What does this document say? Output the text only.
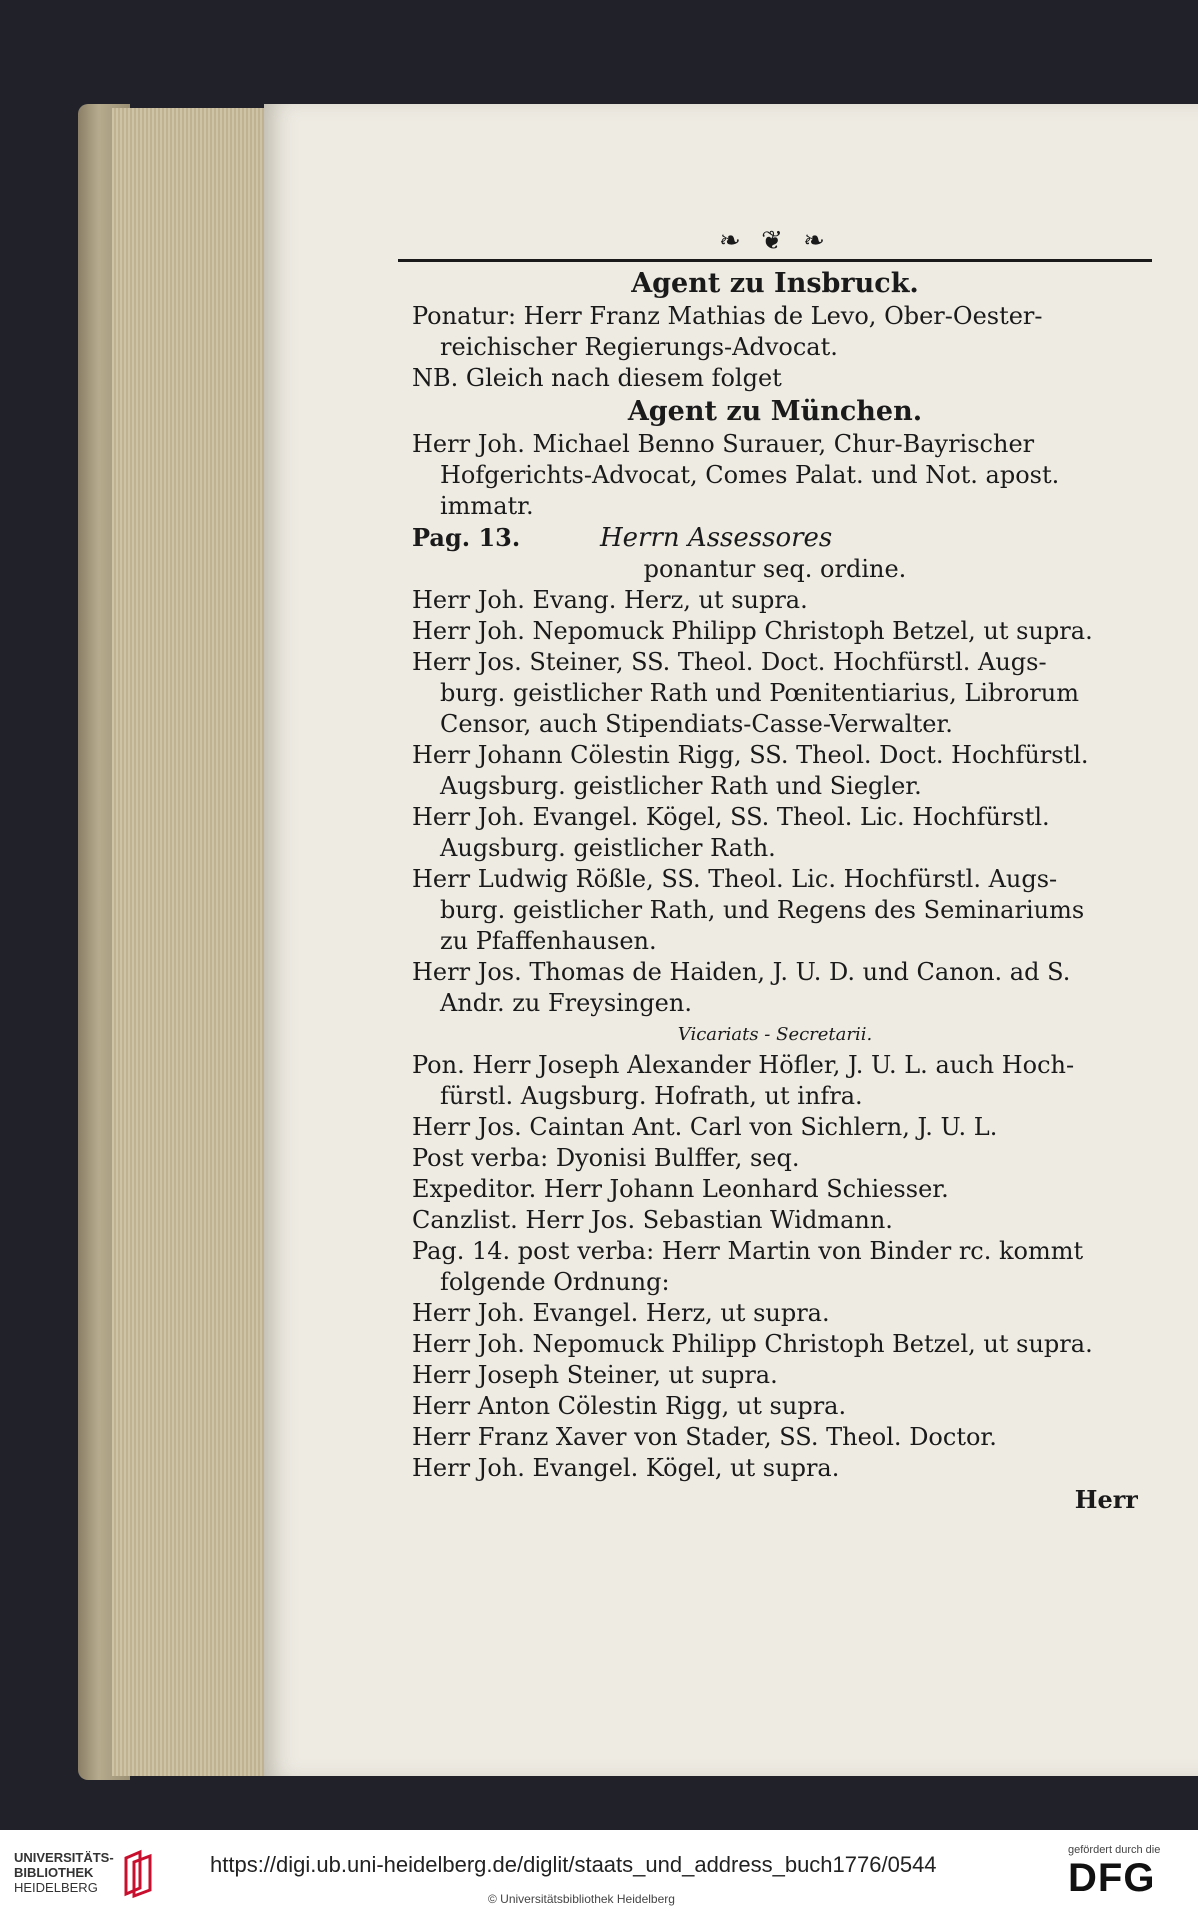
❧ ❦ ❧
Agent zu Insbruck.
Ponatur: Herr Franz Mathias de Levo, Ober-Oester-
reichischer Regierungs-Advocat.
NB. Gleich nach diesem folget
Agent zu München.
Herr Joh. Michael Benno Surauer, Chur-Bayrischer
Hofgerichts-Advocat, Comes Palat. und Not. apost.
immatr.
Pag. 13.	Herrn Assessores
ponantur seq. ordine.
Herr Joh. Evang. Herz, ut supra.
Herr Joh. Nepomuck Philipp Christoph Betzel, ut supra.
Herr Jos. Steiner, SS. Theol. Doct. Hochfürstl. Augs-
burg. geistlicher Rath und Pœnitentiarius, Librorum
Censor, auch Stipendiats-Casse-Verwalter.
Herr Johann Cölestin Rigg, SS. Theol. Doct. Hochfürstl.
Augsburg. geistlicher Rath und Siegler.
Herr Joh. Evangel. Kögel, SS. Theol. Lic. Hochfürstl.
Augsburg. geistlicher Rath.
Herr Ludwig Rößle, SS. Theol. Lic. Hochfürstl. Augs-
burg. geistlicher Rath, und Regens des Seminariums
zu Pfaffenhausen.
Herr Jos. Thomas de Haiden, J. U. D. und Canon. ad S.
Andr. zu Freysingen.
Vicariats - Secretarii.
Pon. Herr Joseph Alexander Höfler, J. U. L. auch Hoch-
fürstl. Augsburg. Hofrath, ut infra.
Herr Jos. Caintan Ant. Carl von Sichlern, J. U. L.
Post verba: Dyonisi Bulffer, seq.
Expeditor. Herr Johann Leonhard Schiesser.
Canzlist. Herr Jos. Sebastian Widmann.
Pag. 14. post verba: Herr Martin von Binder rc. kommt
folgende Ordnung:
Herr Joh. Evangel. Herz, ut supra.
Herr Joh. Nepomuck Philipp Christoph Betzel, ut supra.
Herr Joseph Steiner, ut supra.
Herr Anton Cölestin Rigg, ut supra.
Herr Franz Xaver von Stader, SS. Theol. Doctor.
Herr Joh. Evangel. Kögel, ut supra.
Herr
UNIVERSITÄTS-
BIBLIOTHEK
HEIDELBERG
https://digi.ub.uni-heidelberg.de/diglit/staats_und_address_buch1776/0544
© Universitätsbibliothek Heidelberg
gefördert durch die
DFG
